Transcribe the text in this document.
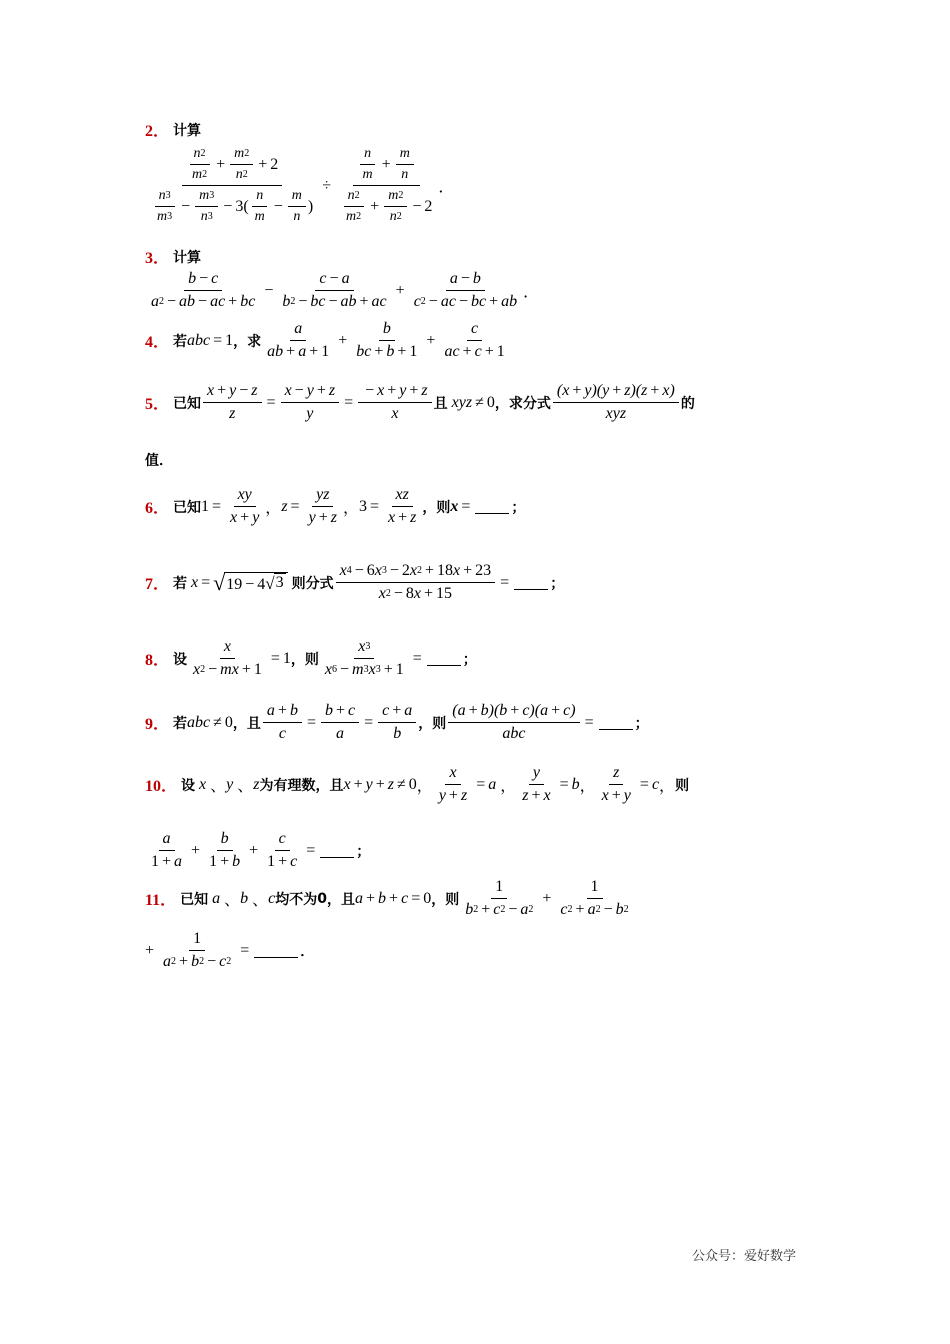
2． 计算
$\frac{n 2}{m 2} + \frac{m 2}{n 2} + 2$
$\frac{n 3}{m 3} - \frac{m 3}{n 3} - 3( \frac{n}{m} - \frac{m}{n}$ )
÷ $\frac{\frac{n}{m} + \frac{m}{n}}{\frac{n 2}{m 2} + \frac{m 2}{n 2} - 2}$ ．
3． 计算
$\frac{b - c}{a 2 - ab - ac + bc} - \frac{c - a}{b 2 - bc - ab + ac} + \frac{a - b}{c 2 - ac - bc + ab}$ ．
4． 若 abc = 1 ，求 $\frac{a}{ab + a + 1} + \frac{b}{bc + b + 1} + \frac{c}{ac + c + 1}$
5． 已知 $\frac{x + y - z}{z} = \frac{x - y + z}{y} = \frac{- x + y + z}{x}$ 且 xyz ≠ 0 ，求分式 $\frac{(x + y)(y + z)(z + x)}{\text{xyz}}$ 的
值．
6． 已知 $1 = \frac{xy}{x + y}$ ， $z = \frac{yz}{y + z}$ ， $3 = \frac{xz}{x + z}$ ，则 x =	；
7． 若 x = √ 19 − 4 √ 3 则分式 $\frac{x 4 - 6 x 3 - 2 x 2 + 18 x + 23}{x 2 - 8 x + 15}$ =	；
8． 设 $\frac{x}{x 2 - mx + 1} = 1$ ，则 $\frac{x 3}{x 6 - m 3 x 3 + 1}$ =	；
9． 若 abc ≠ 0 ，且 $\frac{a + b}{c} = \frac{b + c}{a} = \frac{c + a}{b}$ ，则 $\frac{(a + b)(b + c)(a + c)}{\text{abc}}$ =	；
10． 设 x 、 y 、 z 为有理数，且 x + y + z ≠ 0 ， $\frac{x}{y + z} = a$ ， $\frac{y}{z + x} = b$ ， $\frac{z}{x + y} = c$ ， 则
$\frac{a}{1 + a} + \frac{b}{1 + b} + \frac{c}{1 + c}$ =	；
11． 已知 a 、 b 、 c 均不为 0 ，且 a + b + c = 0 ，则 $\frac{1}{b 2 + c 2 - a 2} + \frac{1}{c 2 + a 2 - b 2}$
+ $\frac{1}{a 2 + b 2 - c 2}$ =	．
公众号：爱好数学
